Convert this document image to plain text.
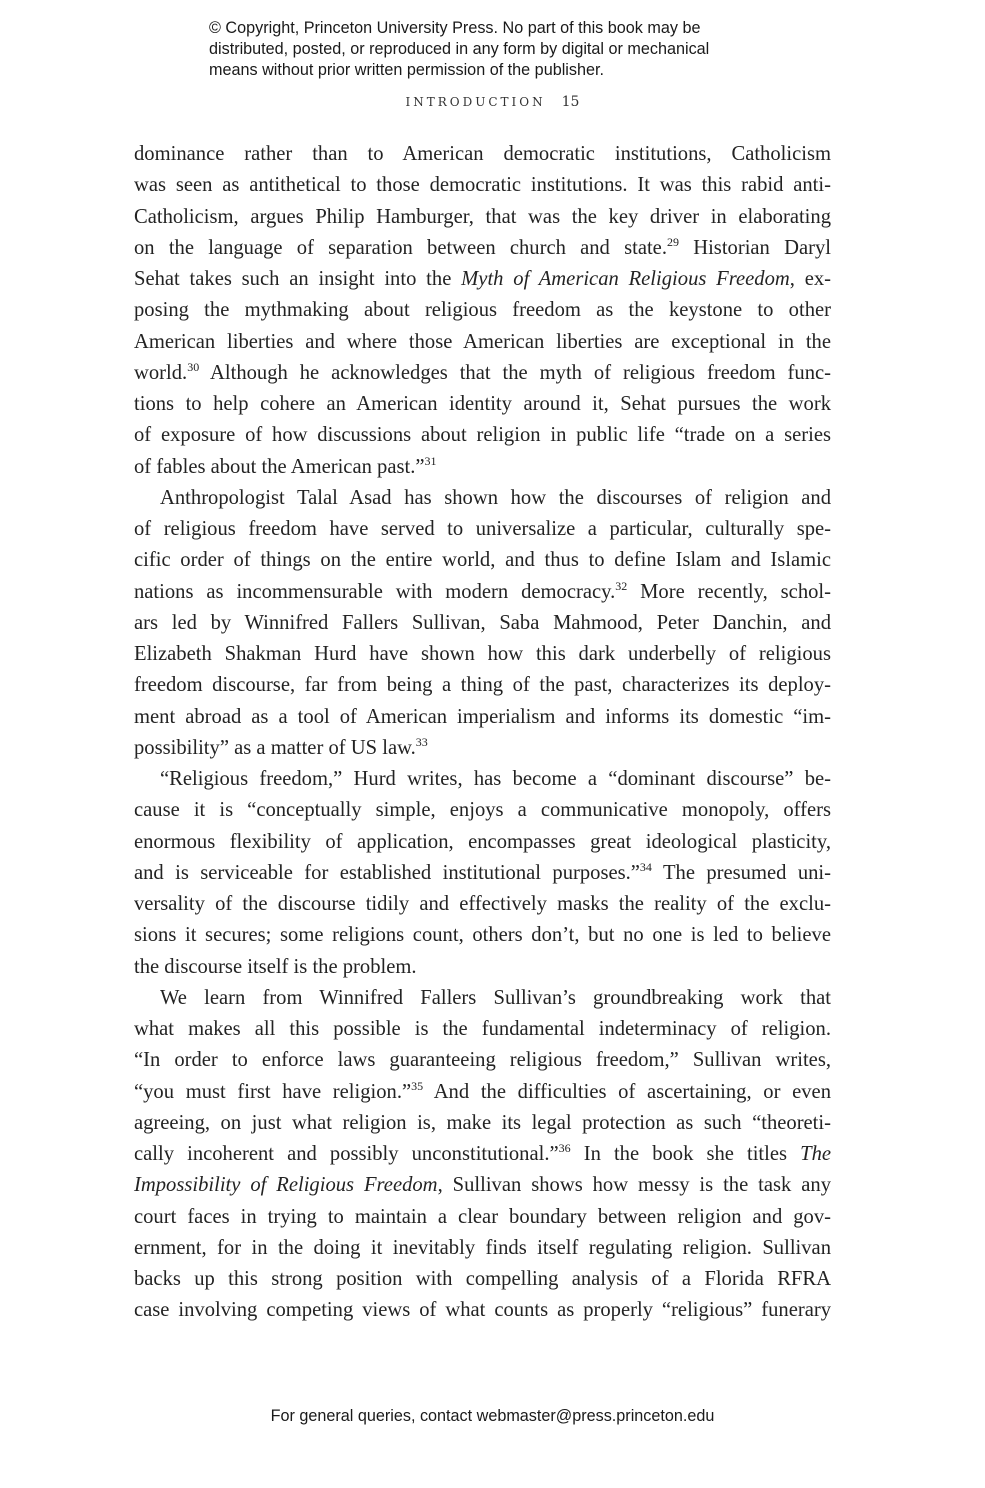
© Copyright, Princeton University Press. No part of this book may be
distributed, posted, or reproduced in any form by digital or mechanical
means without prior written permission of the publisher.
INTRODUCTION 15
dominance rather than to American democratic institutions, Catholicism
was seen as antithetical to those democratic institutions. It was this rabid anti-
Catholicism, argues Philip Hamburger, that was the key driver in elaborating
on the language of separation between church and state.$^{29}$ Historian Daryl
Sehat takes such an insight into the Myth of American Religious Freedom, ex-
posing the mythmaking about religious freedom as the keystone to other
American liberties and where those American liberties are exceptional in the
world.$^{30}$ Although he acknowledges that the myth of religious freedom func-
tions to help cohere an American identity around it, Sehat pursues the work
of exposure of how discussions about religion in public life “trade on a series
of fables about the American past.”$^{31}$
Anthropologist Talal Asad has shown how the discourses of religion and
of religious freedom have served to universalize a particular, culturally spe-
cific order of things on the entire world, and thus to define Islam and Islamic
nations as incommensurable with modern democracy.$^{32}$ More recently, schol-
ars led by Winnifred Fallers Sullivan, Saba Mahmood, Peter Danchin, and
Elizabeth Shakman Hurd have shown how this dark underbelly of religious
freedom discourse, far from being a thing of the past, characterizes its deploy-
ment abroad as a tool of American imperialism and informs its domestic “im-
possibility” as a matter of US law.$^{33}$
“Religious freedom,” Hurd writes, has become a “dominant discourse” be-
cause it is “conceptually simple, enjoys a communicative monopoly, offers
enormous flexibility of application, encompasses great ideological plasticity,
and is serviceable for established institutional purposes.”$^{34}$ The presumed uni-
versality of the discourse tidily and effectively masks the reality of the exclu-
sions it secures; some religions count, others don’t, but no one is led to believe
the discourse itself is the problem.
We learn from Winnifred Fallers Sullivan’s groundbreaking work that
what makes all this possible is the fundamental indeterminacy of religion.
“In order to enforce laws guaranteeing religious freedom,” Sullivan writes,
“you must first have religion.”$^{35}$ And the difficulties of ascertaining, or even
agreeing, on just what religion is, make its legal protection as such “theoreti-
cally incoherent and possibly unconstitutional.”$^{36}$ In the book she titles The
Impossibility of Religious Freedom, Sullivan shows how messy is the task any
court faces in trying to maintain a clear boundary between religion and gov-
ernment, for in the doing it inevitably finds itself regulating religion. Sullivan
backs up this strong position with compelling analysis of a Florida RFRA
case involving competing views of what counts as properly “religious” funerary
For general queries, contact webmaster@press.princeton.edu
